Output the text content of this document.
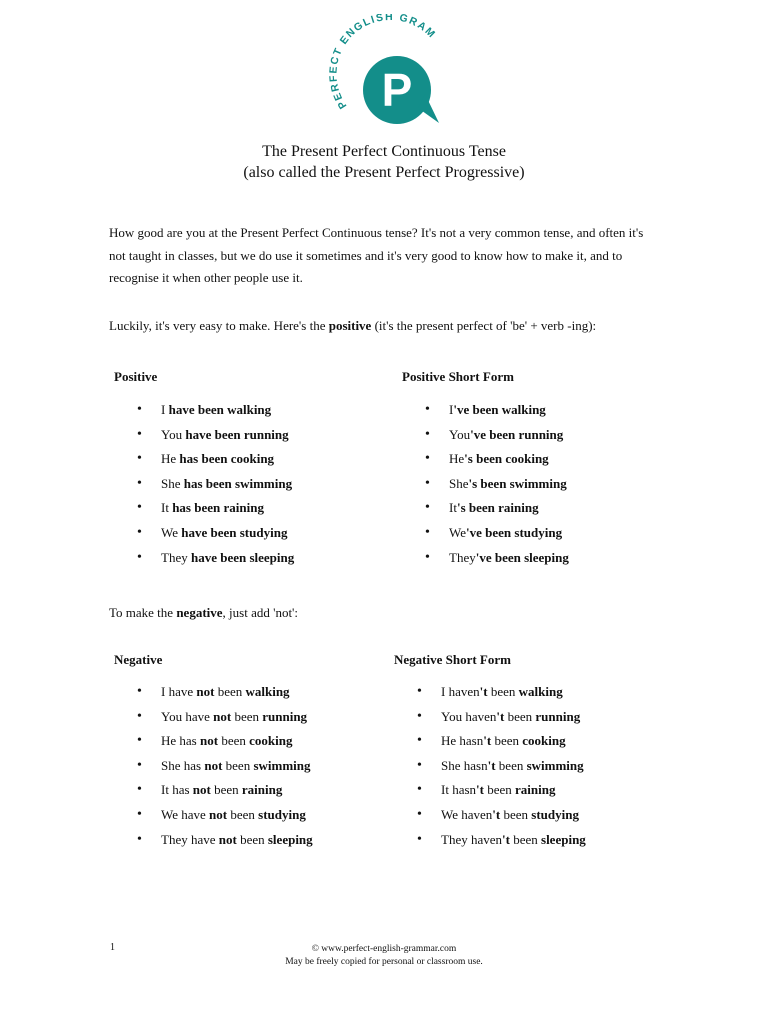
PERFECT ENGLISH GRAM
P
The Present Perfect Continuous Tense
(also called the Present Perfect Progressive)
How good are you at the Present Perfect Continuous tense? It's not a very common tense, and often it's not taught in classes, but we do use it sometimes and it's very good to know how to make it, and to recognise it when other people use it.
Luckily, it's very easy to make. Here's the positive (it's the present perfect of 'be' + verb -ing):
Positive	Positive Short Form
• I have been walking
• You have been running
• He has been cooking
• She has been swimming
• It has been raining
• We have been studying
• They have been sleeping
• I've been walking
• You've been running
• He's been cooking
• She's been swimming
• It's been raining
• We've been studying
• They've been sleeping
To make the negative, just add 'not':
Negative	Negative Short Form
• I have not been walking
• You have not been running
• He has not been cooking
• She has not been swimming
• It has not been raining
• We have not been studying
• They have not been sleeping
• I haven't been walking
• You haven't been running
• He hasn't been cooking
• She hasn't been swimming
• It hasn't been raining
• We haven't been studying
• They haven't been sleeping
1	© www.perfect-english-grammar.com
May be freely copied for personal or classroom use.
